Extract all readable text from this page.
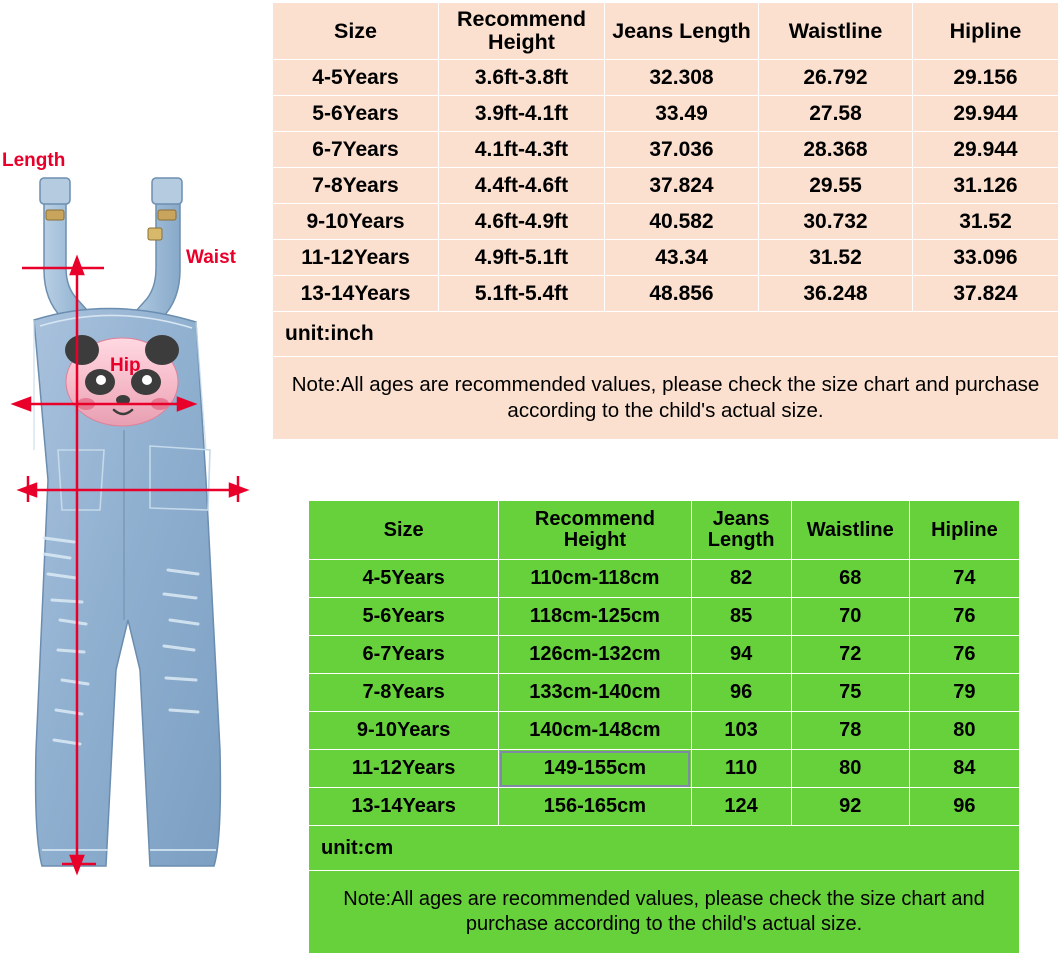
Length
Waist
Hip
Size	Recommend Height	Jeans Length	Waistline	Hipline
4-5Years	3.6ft-3.8ft	32.308	26.792	29.156
5-6Years	3.9ft-4.1ft	33.49	27.58	29.944
6-7Years	4.1ft-4.3ft	37.036	28.368	29.944
7-8Years	4.4ft-4.6ft	37.824	29.55	31.126
9-10Years	4.6ft-4.9ft	40.582	30.732	31.52
11-12Years	4.9ft-5.1ft	43.34	31.52	33.096
13-14Years	5.1ft-5.4ft	48.856	36.248	37.824
unit:inch				
Note:All ages are recommended values, please check the size chart and purchase according to the child's actual size.				
Size	Recommend Height	Jeans Length	Waistline	Hipline
4-5Years	110cm-118cm	82	68	74
5-6Years	118cm-125cm	85	70	76
6-7Years	126cm-132cm	94	72	76
7-8Years	133cm-140cm	96	75	79
9-10Years	140cm-148cm	103	78	80
11-12Years	149-155cm	110	80	84
13-14Years	156-165cm	124	92	96
unit:cm				
Note:All ages are recommended values, please check the size chart and purchase according to the child's actual size.				
